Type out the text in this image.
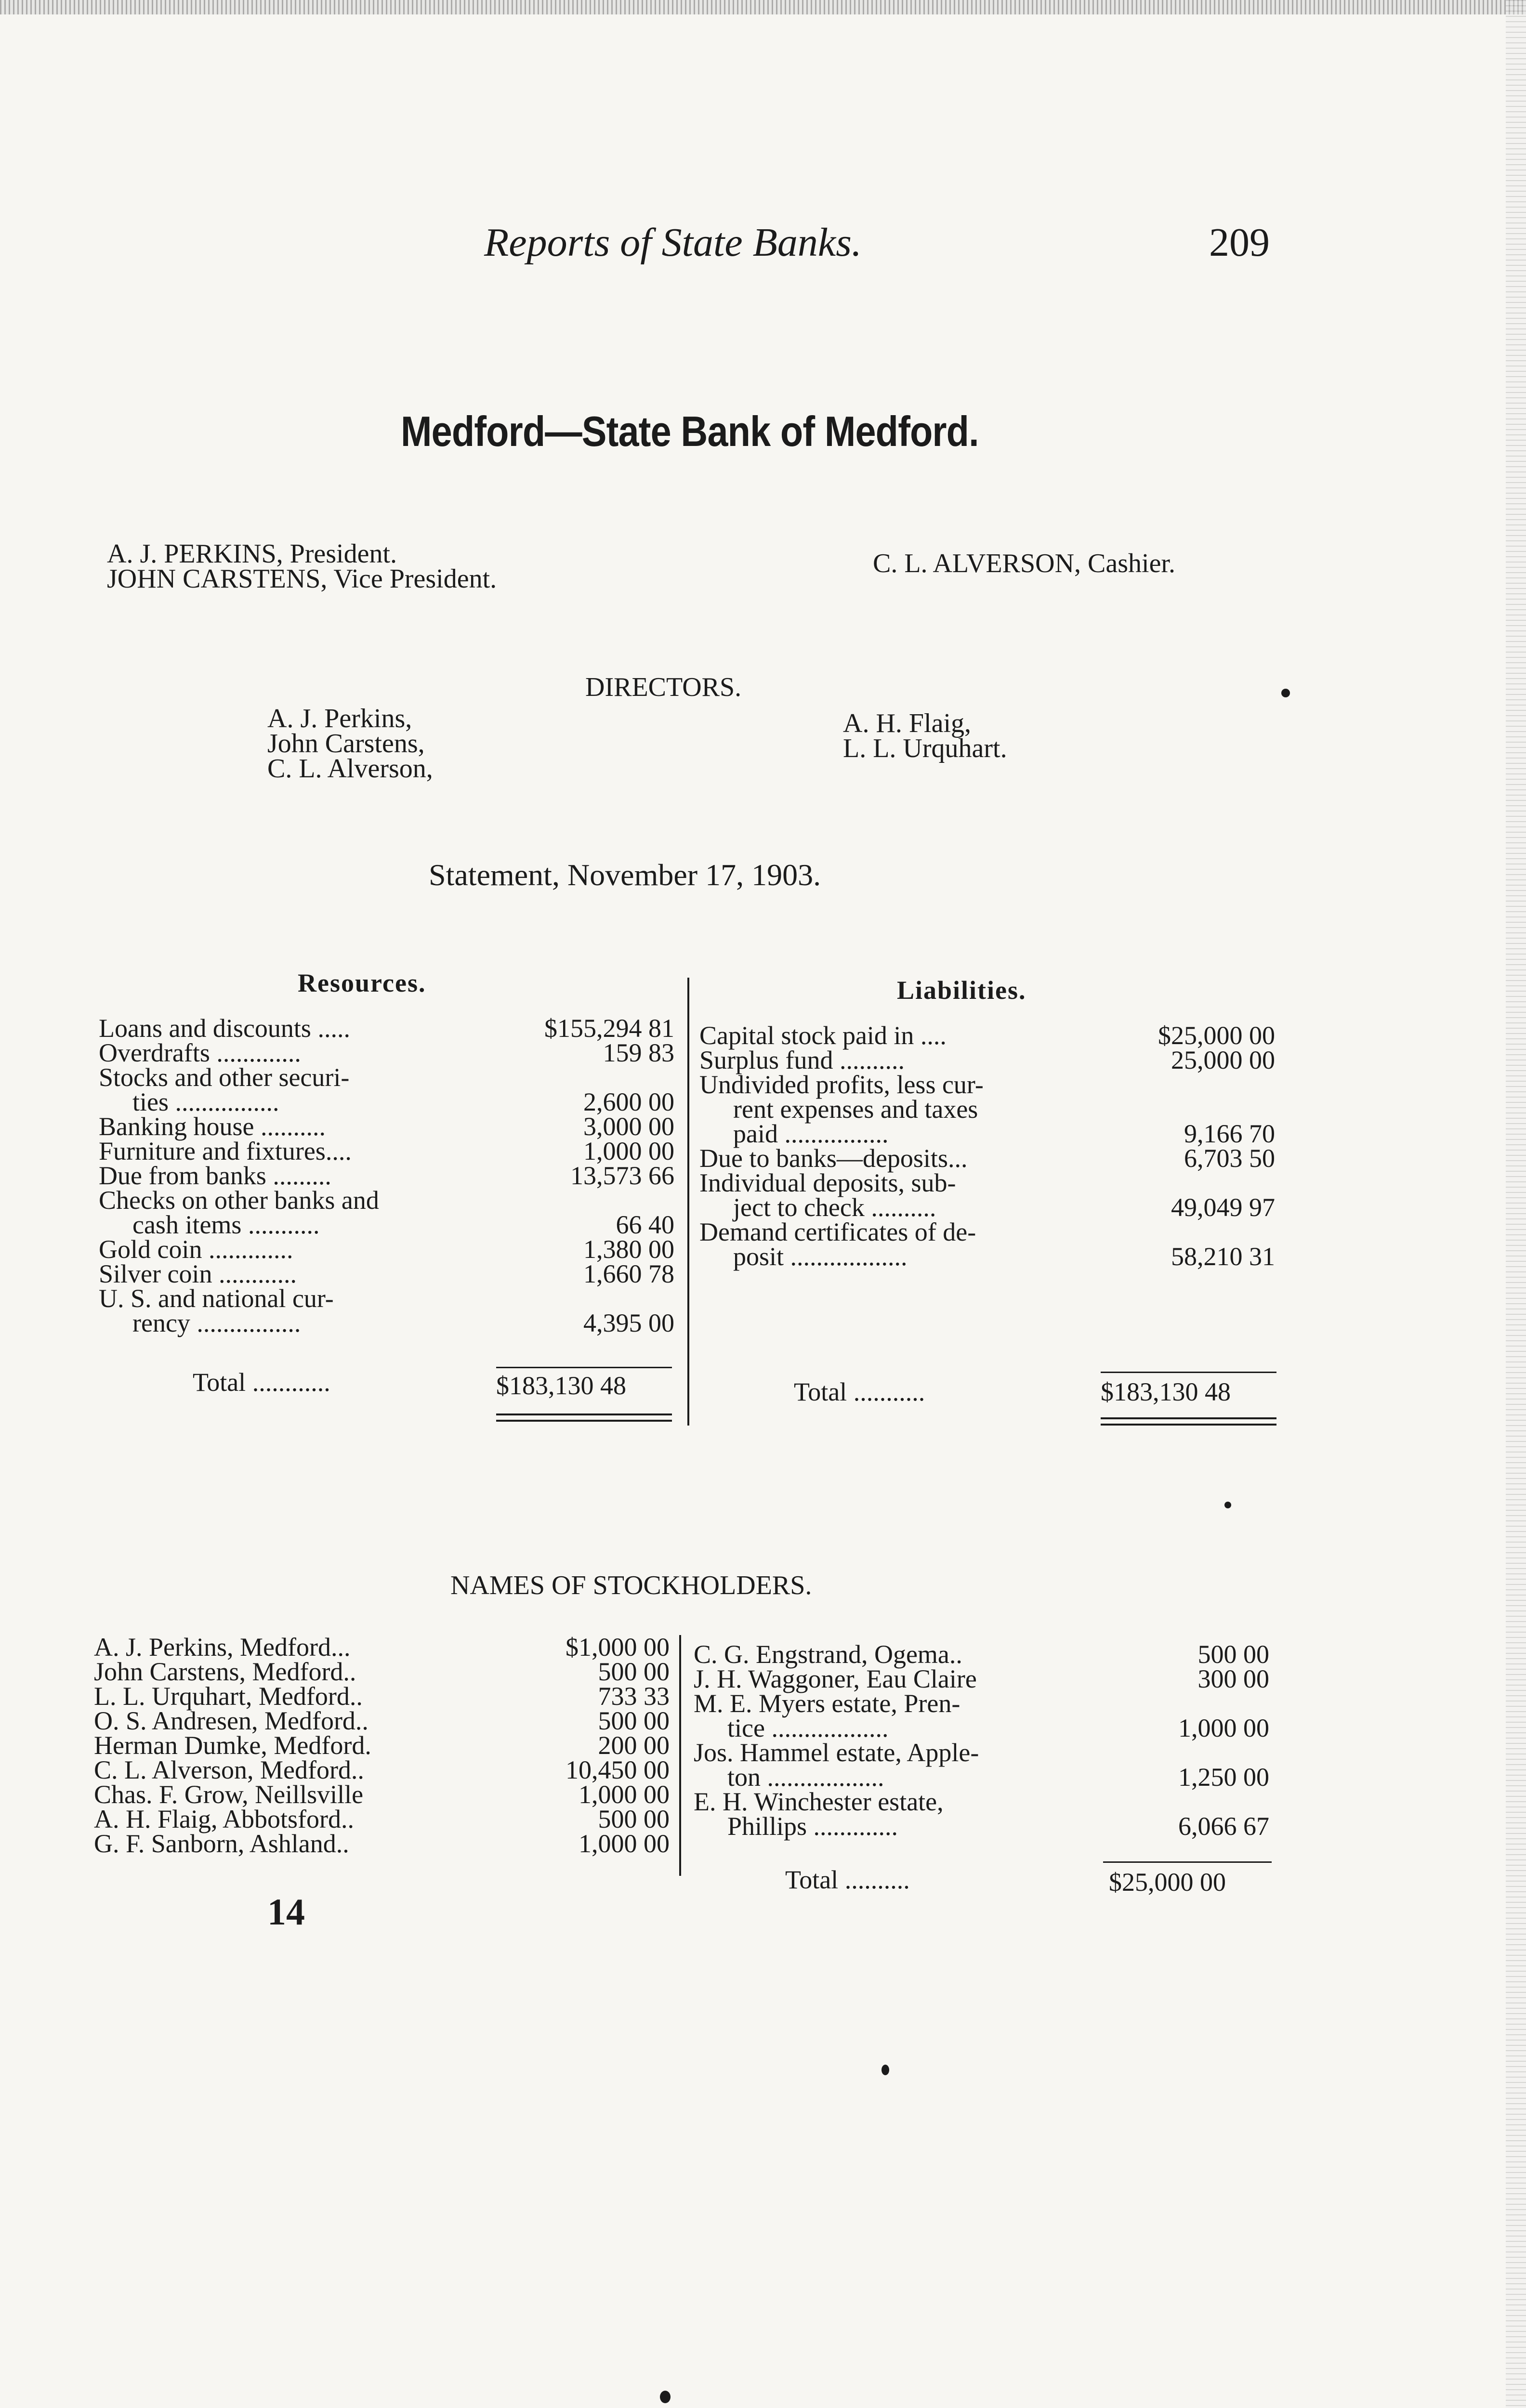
Reports of State Banks.	209
Medford—State Bank of Medford.
A. J. PERKINS, President.
JOHN CARSTENS, Vice President.
C. L. ALVERSON, Cashier.
DIRECTORS.
A. J. Perkins,
John Carstens,
C. L. Alverson,
A. H. Flaig,
L. L. Urquhart.
Statement, November 17, 1903.
Resources.	Liabilities.
Loans and discounts .....	$155,294 81
Overdrafts .............	159 83
Stocks and other securi-
ties ................	2,600 00
Banking house ..........	3,000 00
Furniture and fixtures....	1,000 00
Due from banks .........	13,573 66
Checks on other banks and
cash items ...........	66 40
Gold coin .............	1,380 00
Silver coin ............	1,660 78
U. S. and national cur-
rency ................	4,395 00
Total ............	$183,130 48
Capital stock paid in ....	$25,000 00
Surplus fund ..........	25,000 00
Undivided profits, less cur-
rent expenses and taxes
paid ................	9,166 70
Due to banks—deposits...	6,703 50
Individual deposits, sub-
ject to check ..........	49,049 97
Demand certificates of de-
posit ..................	58,210 31
Total ...........	$183,130 48
NAMES OF STOCKHOLDERS.
A. J. Perkins, Medford...	$1,000 00
John Carstens, Medford..	500 00
L. L. Urquhart, Medford..	733 33
O. S. Andresen, Medford..	500 00
Herman Dumke, Medford.	200 00
C. L. Alverson, Medford..	10,450 00
Chas. F. Grow, Neillsville	1,000 00
A. H. Flaig, Abbotsford..	500 00
G. F. Sanborn, Ashland..	1,000 00
C. G. Engstrand, Ogema..	500 00
J. H. Waggoner, Eau Claire	300 00
M. E. Myers estate, Pren-
tice ..................	1,000 00
Jos. Hammel estate, Apple-
ton ..................	1,250 00
E. H. Winchester estate,
Phillips .............	6,066 67
Total ..........	$25,000 00
14
